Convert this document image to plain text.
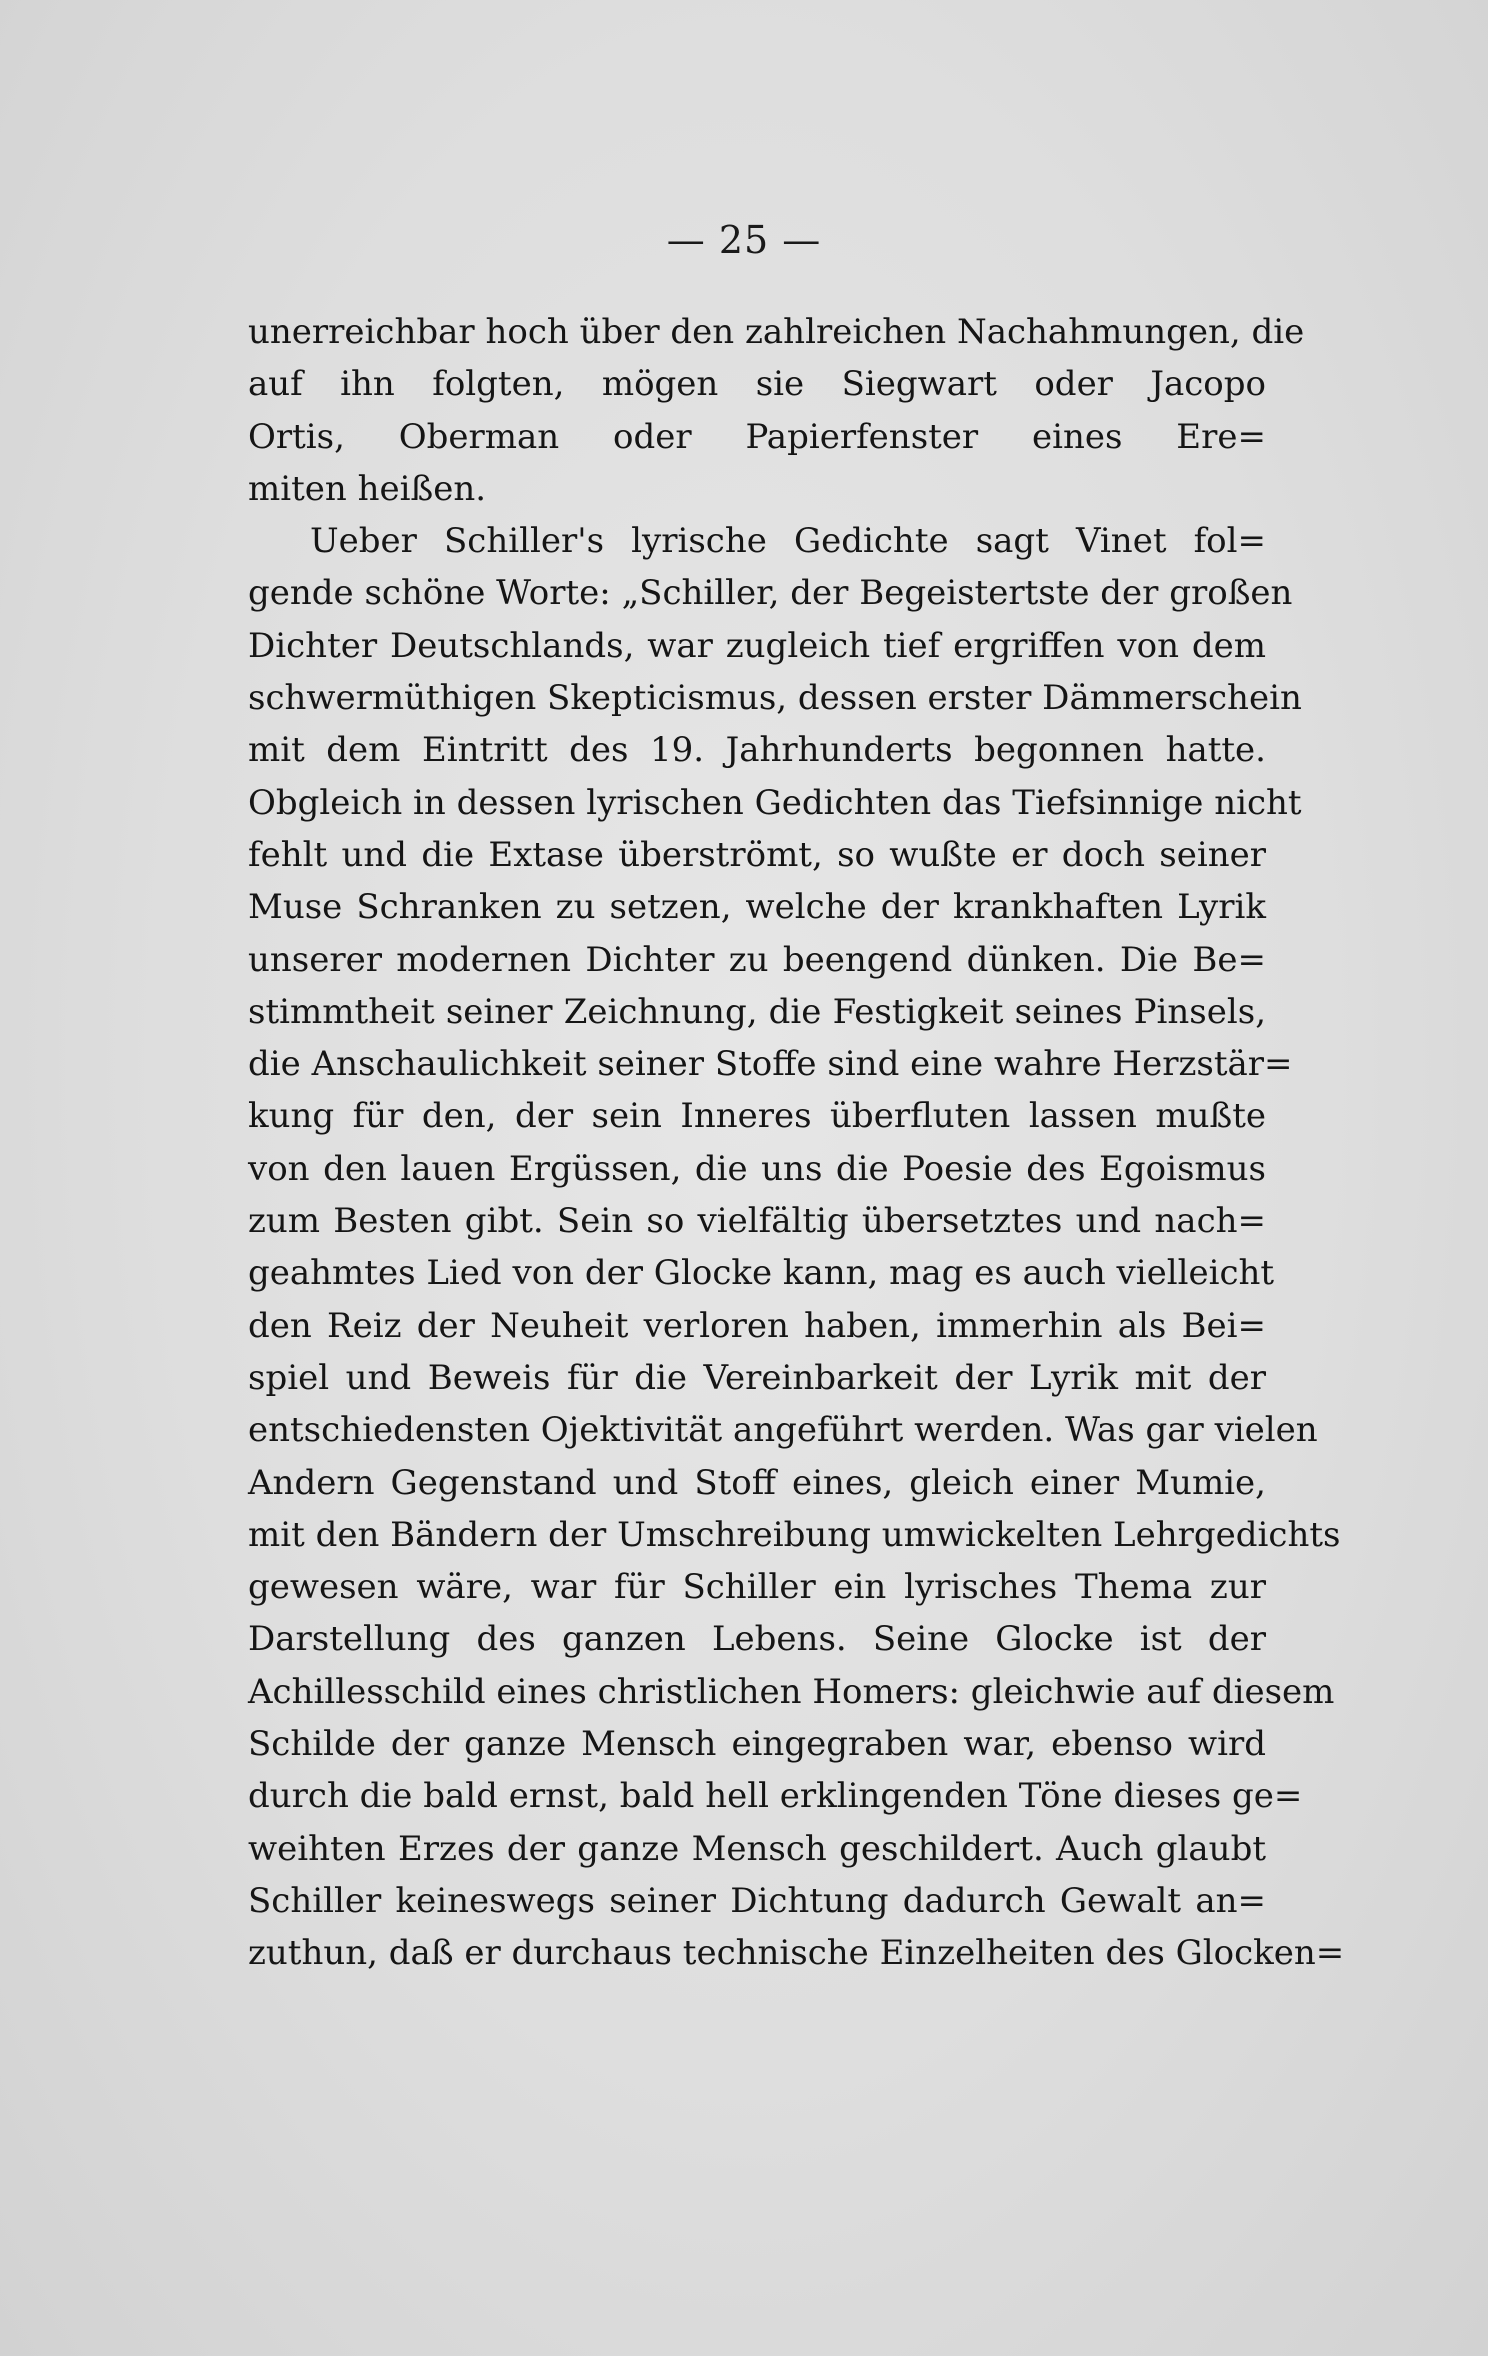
— 25 —
unerreichbar hoch über den zahlreichen Nachahmungen, die
auf ihn folgten, mögen sie Siegwart oder Jacopo
Ortis, Oberman oder Papierfenster eines Ere=
miten heißen.
Ueber Schiller's lyrische Gedichte sagt Vinet fol=
gende schöne Worte: „Schiller, der Begeistertste der großen
Dichter Deutschlands, war zugleich tief ergriffen von dem
schwermüthigen Skepticismus, dessen erster Dämmerschein
mit dem Eintritt des 19. Jahrhunderts begonnen hatte.
Obgleich in dessen lyrischen Gedichten das Tiefsinnige nicht
fehlt und die Extase überströmt, so wußte er doch seiner
Muse Schranken zu setzen, welche der krankhaften Lyrik
unserer modernen Dichter zu beengend dünken. Die Be=
stimmtheit seiner Zeichnung, die Festigkeit seines Pinsels,
die Anschaulichkeit seiner Stoffe sind eine wahre Herzstär=
kung für den, der sein Inneres überfluten lassen mußte
von den lauen Ergüssen, die uns die Poesie des Egoismus
zum Besten gibt. Sein so vielfältig übersetztes und nach=
geahmtes Lied von der Glocke kann, mag es auch vielleicht
den Reiz der Neuheit verloren haben, immerhin als Bei=
spiel und Beweis für die Vereinbarkeit der Lyrik mit der
entschiedensten Ojektivität angeführt werden. Was gar vielen
Andern Gegenstand und Stoff eines, gleich einer Mumie,
mit den Bändern der Umschreibung umwickelten Lehrgedichts
gewesen wäre, war für Schiller ein lyrisches Thema zur
Darstellung des ganzen Lebens. Seine Glocke ist der
Achillesschild eines christlichen Homers: gleichwie auf diesem
Schilde der ganze Mensch eingegraben war, ebenso wird
durch die bald ernst, bald hell erklingenden Töne dieses ge=
weihten Erzes der ganze Mensch geschildert. Auch glaubt
Schiller keineswegs seiner Dichtung dadurch Gewalt an=
zuthun, daß er durchaus technische Einzelheiten des Glocken=
